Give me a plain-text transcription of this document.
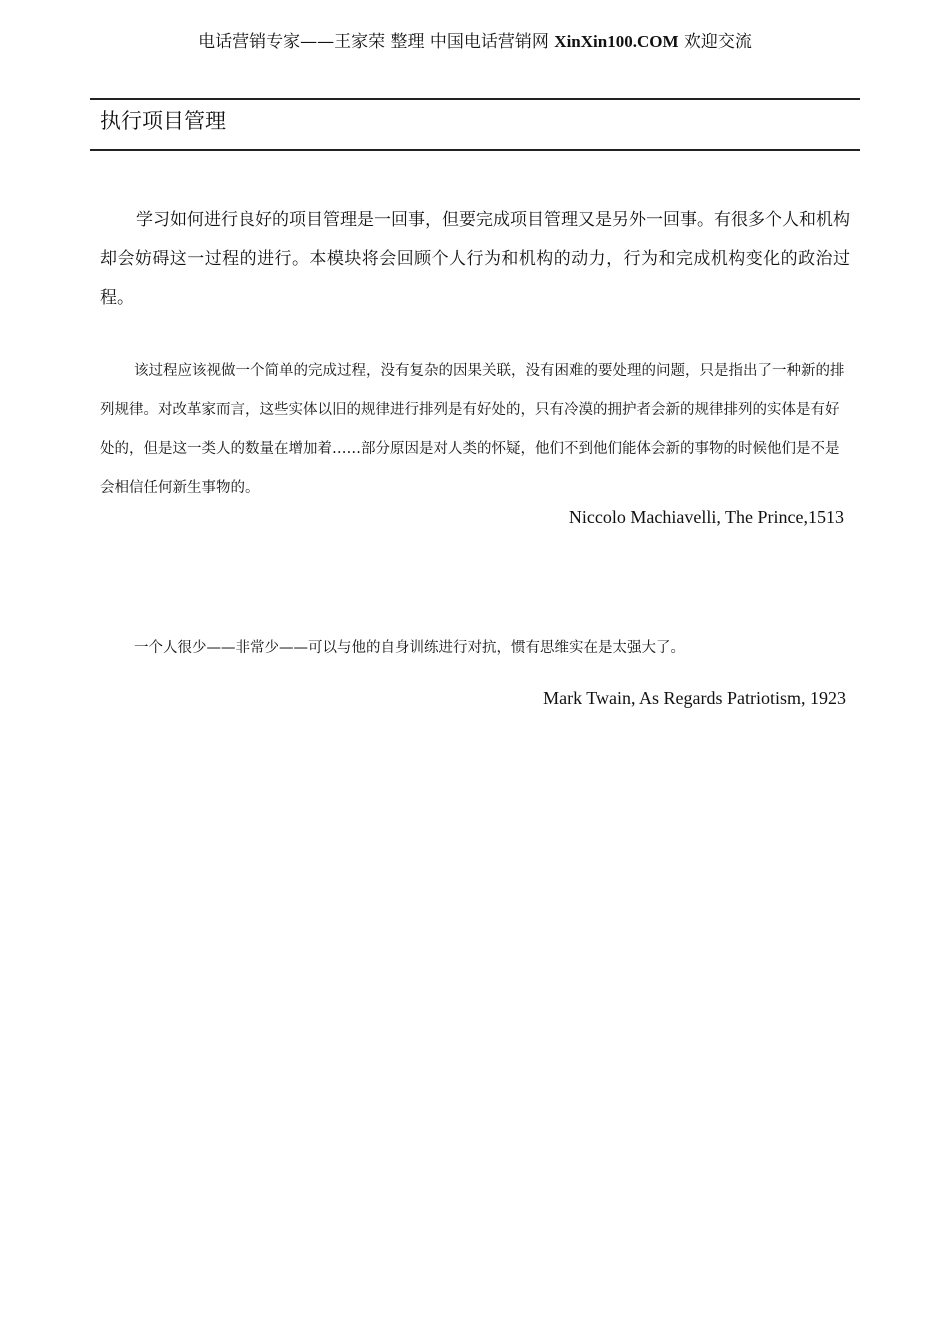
电话营销专家——王家荣 整理 中国电话营销网 XinXin100.COM 欢迎交流
执行项目管理

学习如何进行良好的项目管理是一回事，但要完成项目管理又是另外一回事。有很多个人和机构却会妨碍这一过程的进行。本模块将会回顾个人行为和机构的动力，行为和完成机构变化的政治过程。

该过程应该视做一个简单的完成过程，没有复杂的因果关联，没有困难的要处理的问题，只是指出了一种新的排列规律。对改革家而言，这些实体以旧的规律进行排列是有好处的，只有冷漠的拥护者会新的规律排列的实体是有好处的，但是这一类人的数量在增加着……部分原因是对人类的怀疑，他们不到他们能体会新的事物的时候他们是不是会相信任何新生事物的。

Niccolo Machiavelli, The Prince,1513

一个人很少——非常少——可以与他的自身训练进行对抗，惯有思维实在是太强大了。

Mark Twain, As Regards Patriotism, 1923
